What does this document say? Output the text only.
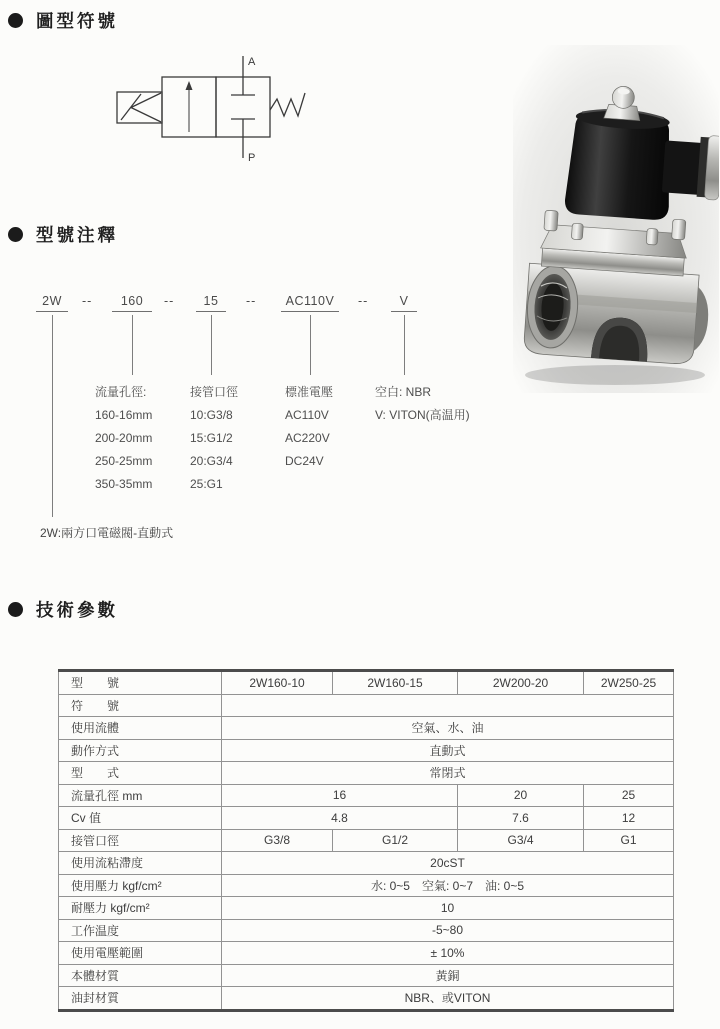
圖型符號
A
P
型號注釋
2W	--	160	--	15	--	AC110V	--	V
流量孔徑:
160-16mm
200-20mm
250-25mm
350-35mm
接管口徑
10:G3/8
15:G1/2
20:G3/4
25:G1
標准電壓
AC110V
AC220V
DC24V
空白: NBR
V: VITON(高温用)
2W:兩方口電磁閥-直動式
技術參數
型　　號	2W160-10	2W160-15	2W200-20	2W250-25
符　　號				
使用流體	空氣、水、油			
動作方式	直動式			
型　　式	常閉式			
流量孔徑 mm	16		20	25
Cv 值	4.8		7.6	12
接管口徑	G3/8	G1/2	G3/4	G1
使用流粘滯度	20cST			
使用壓力 kgf/cm²	水: 0~5　空氣: 0~7　油: 0~5			
耐壓力 kgf/cm²	10			
工作温度	-5~80			
使用電壓範圍	± 10%			
本體材質	黃銅			
油封材質	NBR、或VITON			
